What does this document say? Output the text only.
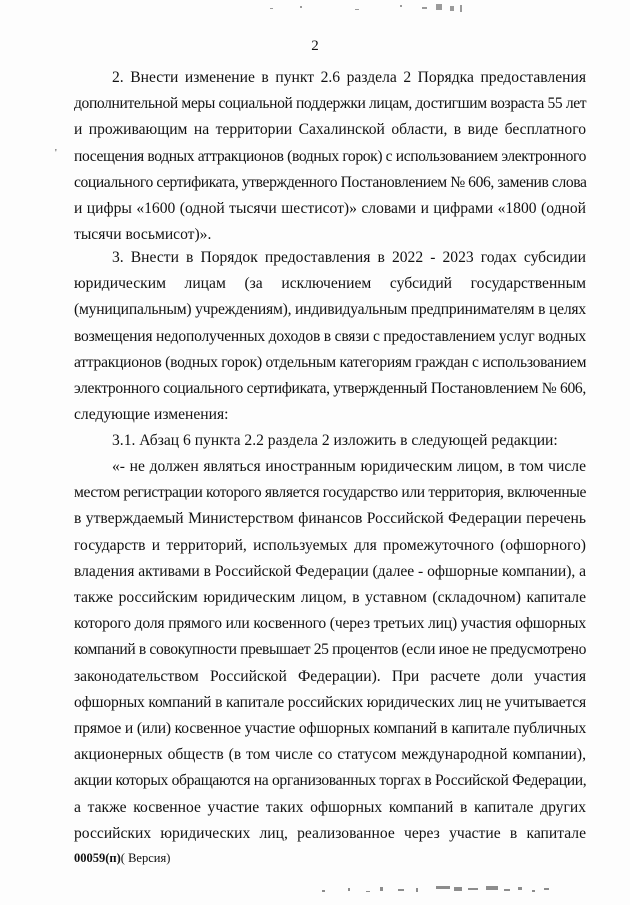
2
'
2. Внести изменение в пункт 2.6 раздела 2 Порядка предоставления
дополнительной меры социальной поддержки лицам, достигшим возраста 55 лет
и проживающим на территории Сахалинской области, в виде бесплатного
посещения водных аттракционов (водных горок) с использованием электронного
социального сертификата, утвержденного Постановлением № 606, заменив слова
и цифры «1600 (одной тысячи шестисот)» словами и цифрами «1800 (одной
тысячи восьмисот)».
3. Внести в Порядок предоставления в 2022 - 2023 годах субсидии
юридическим лицам (за исключением субсидий государственным
(муниципальным) учреждениям), индивидуальным предпринимателям в целях
возмещения недополученных доходов в связи с предоставлением услуг водных
аттракционов (водных горок) отдельным категориям граждан с использованием
электронного социального сертификата, утвержденный Постановлением № 606,
следующие изменения:
3.1. Абзац 6 пункта 2.2 раздела 2 изложить в следующей редакции:
«- не должен являться иностранным юридическим лицом, в том числе
местом регистрации которого является государство или территория, включенные
в утверждаемый Министерством финансов Российской Федерации перечень
государств и территорий, используемых для промежуточного (офшорного)
владения активами в Российской Федерации (далее - офшорные компании), а
также российским юридическим лицом, в уставном (складочном) капитале
которого доля прямого или косвенного (через третьих лиц) участия офшорных
компаний в совокупности превышает 25 процентов (если иное не предусмотрено
законодательством Российской Федерации). При расчете доли участия
офшорных компаний в капитале российских юридических лиц не учитывается
прямое и (или) косвенное участие офшорных компаний в капитале публичных
акционерных обществ (в том числе со статусом международной компании),
акции которых обращаются на организованных торгах в Российской Федерации,
а также косвенное участие таких офшорных компаний в капитале других
российских юридических лиц, реализованное через участие в капитале
00059(п)( Версия)
